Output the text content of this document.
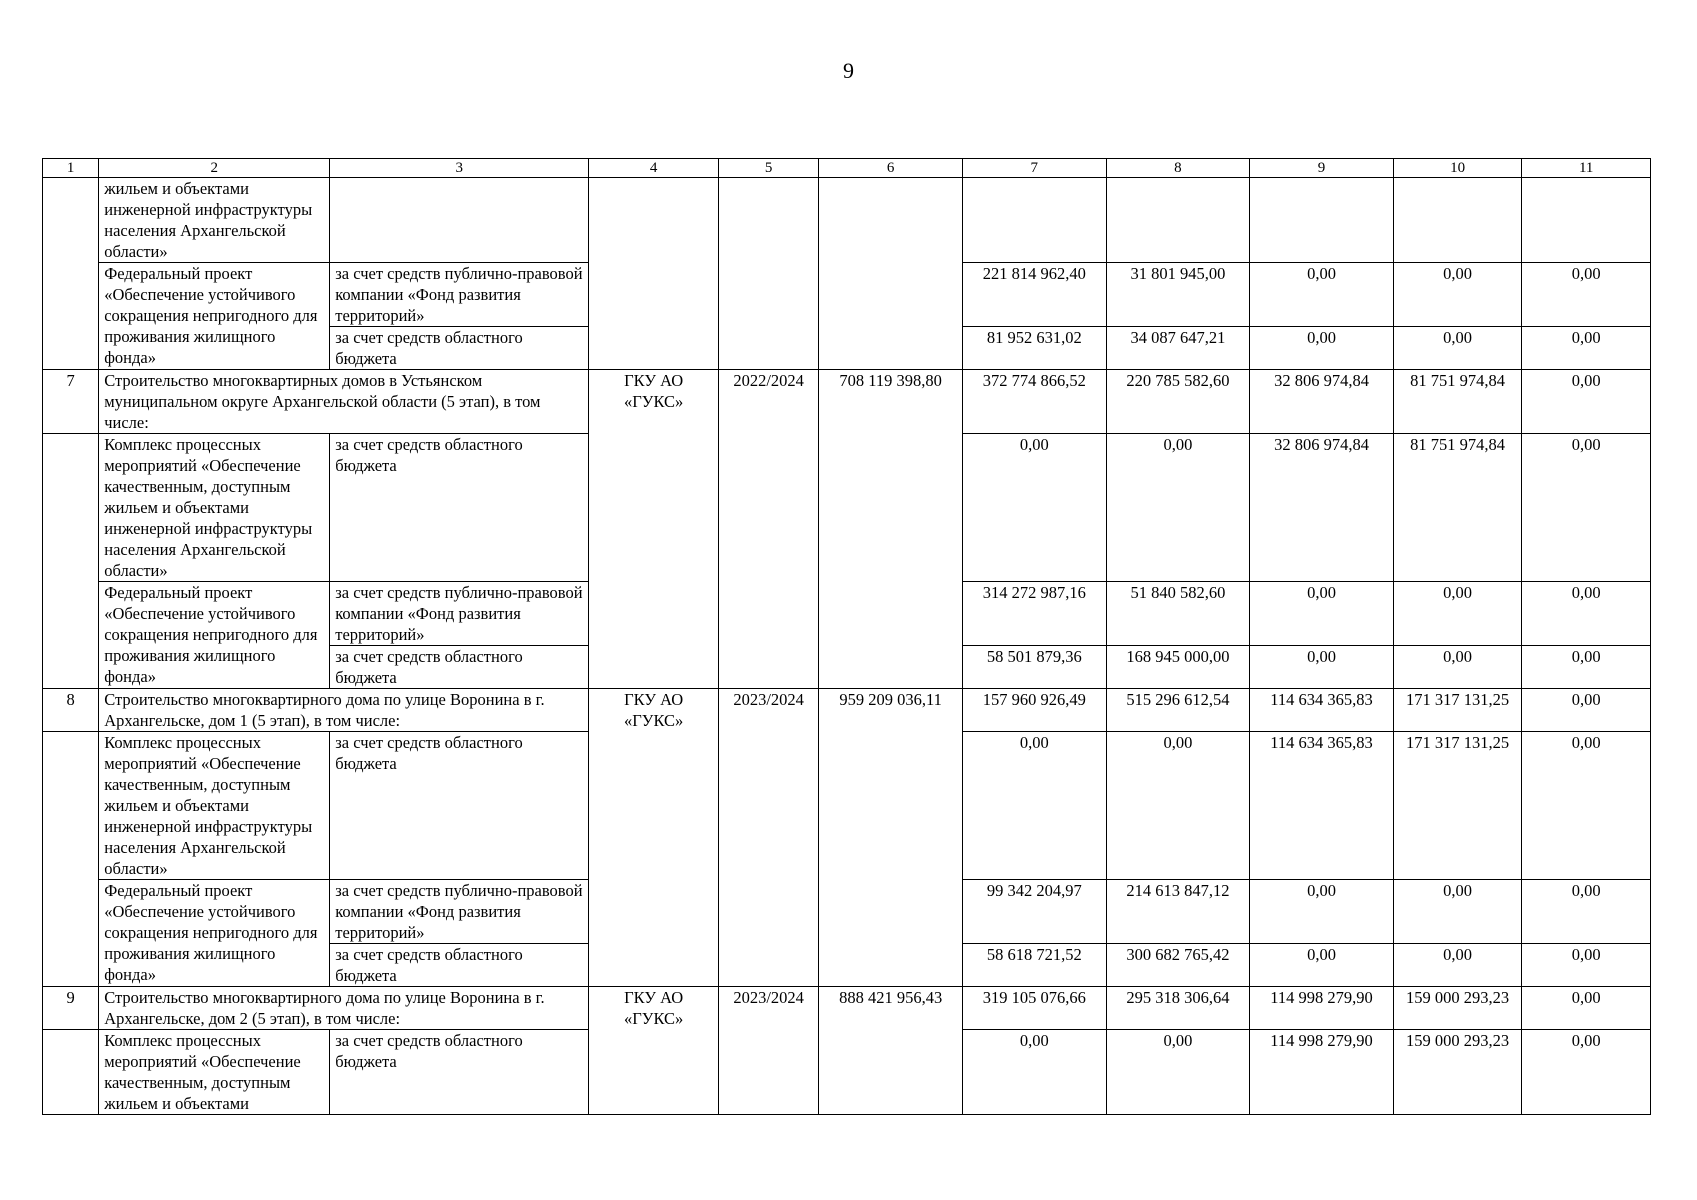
9
1	2	3	4	5	6	7	8	9	10	11
	жильем и объектами инженерной инфраструктуры населения Архангельской области»									
	Федеральный проект «Обеспечение устойчивого сокращения непригодного для проживания жилищного фонда»	за счет средств публично-правовой компании «Фонд развития территорий»				221 814 962,40	31 801 945,00	0,00	0,00	0,00
		за счет средств областного бюджета				81 952 631,02	34 087 647,21	0,00	0,00	0,00
7	Строительство многоквартирных домов в Устьянском муниципальном округе Архангельской области (5 этап), в том числе:		ГКУ АО «ГУКС»	2022/2024	708 119 398,80	372 774 866,52	220 785 582,60	32 806 974,84	81 751 974,84	0,00
	Комплекс процессных мероприятий «Обеспечение качественным, доступным жильем и объектами инженерной инфраструктуры населения Архангельской области»	за счет средств областного бюджета				0,00	0,00	32 806 974,84	81 751 974,84	0,00
	Федеральный проект «Обеспечение устойчивого сокращения непригодного для проживания жилищного фонда»	за счет средств публично-правовой компании «Фонд развития территорий»				314 272 987,16	51 840 582,60	0,00	0,00	0,00
		за счет средств областного бюджета				58 501 879,36	168 945 000,00	0,00	0,00	0,00
8	Строительство многоквартирного дома по улице Воронина в г. Архангельске, дом 1 (5 этап), в том числе:		ГКУ АО «ГУКС»	2023/2024	959 209 036,11	157 960 926,49	515 296 612,54	114 634 365,83	171 317 131,25	0,00
	Комплекс процессных мероприятий «Обеспечение качественным, доступным жильем и объектами инженерной инфраструктуры населения Архангельской области»	за счет средств областного бюджета				0,00	0,00	114 634 365,83	171 317 131,25	0,00
	Федеральный проект «Обеспечение устойчивого сокращения непригодного для проживания жилищного фонда»	за счет средств публично-правовой компании «Фонд развития территорий»				99 342 204,97	214 613 847,12	0,00	0,00	0,00
		за счет средств областного бюджета				58 618 721,52	300 682 765,42	0,00	0,00	0,00
9	Строительство многоквартирного дома по улице Воронина в г. Архангельске, дом 2 (5 этап), в том числе:		ГКУ АО «ГУКС»	2023/2024	888 421 956,43	319 105 076,66	295 318 306,64	114 998 279,90	159 000 293,23	0,00
	Комплекс процессных мероприятий «Обеспечение качественным, доступным жильем и объектами	за счет средств областного бюджета				0,00	0,00	114 998 279,90	159 000 293,23	0,00
